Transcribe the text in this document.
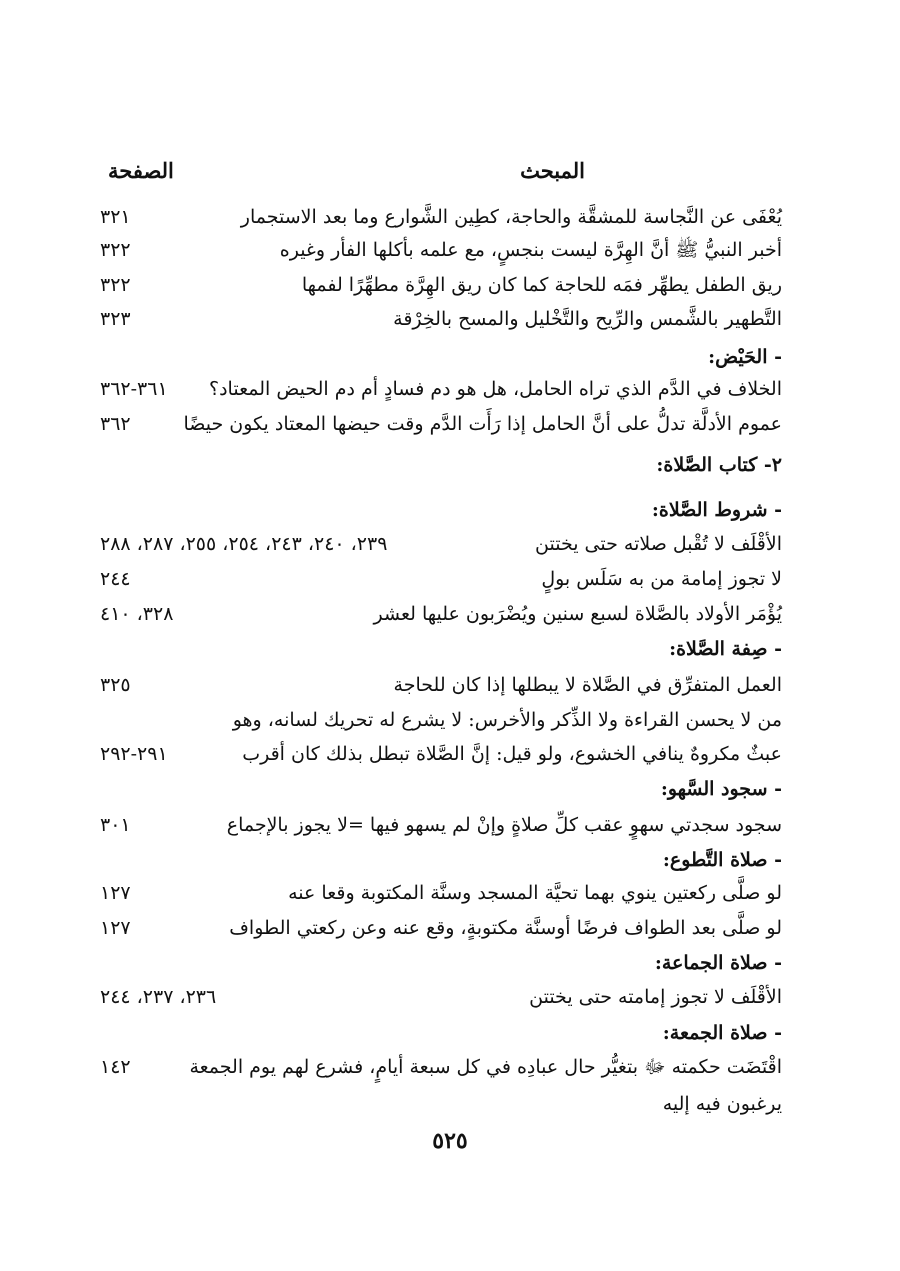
المبحث
الصفحة
يُعْفَى عن النَّجاسة للمشقَّة والحاجة، كطِين الشَّوارع وما بعد الاستجمار
٣٢١
أخبر النبيُّ ﷺ أنَّ الهِرَّة ليست بنجسٍ، مع علمه بأكلها الفأر وغيره
٣٢٢
ريق الطفل يطهِّر فمَه للحاجة كما كان ريق الهِرَّة مطهِّرًا لفمها
٣٢٢
التَّطهير بالشَّمس والرِّيح والتَّخْليل والمسح بالخِرْقة
٣٢٣
- الحَيْض:
الخلاف في الدَّم الذي تراه الحامل، هل هو دم فسادٍ أم دم الحيض المعتاد؟
٣٦١-٣٦٢
عموم الأدلَّة تدلُّ على أنَّ الحامل إذا رَأَت الدَّم وقت حيضها المعتاد يكون حيضًا
٣٦٢
٢- كتاب الصَّلاة:
- شروط الصَّلاة:
الأقْلَف لا تُقْبل صلاته حتى يختتن
٢٣٩، ٢٤٠، ٢٤٣، ٢٥٤، ٢٥٥، ٢٨٧، ٢٨٨
لا تجوز إمامة من به سَلَس بولٍ
٢٤٤
يُؤْمَر الأولاد بالصَّلاة لسبع سنين ويُضْرَبون عليها لعشر
٣٢٨، ٤١٠
- صِفة الصَّلاة:
العمل المتفرِّق في الصَّلاة لا يبطلها إذا كان للحاجة
٣٢٥
من لا يحسن القراءة ولا الذِّكر والأخرس: لا يشرع له تحريك لسانه، وهو
عبثٌ مكروهٌ ينافي الخشوع، ولو قيل: إنَّ الصَّلاة تبطل بذلك كان أقرب
٢٩١-٢٩٢
- سجود السَّهو:
سجود سجدتي سهوٍ عقب كلِّ صلاةٍ وإنْ لم يسهو فيها =لا يجوز بالإجماع
٣٠١
- صلاة التَّطوع:
لو صلَّى ركعتين ينوي بهما تحيَّة المسجد وسنَّة المكتوبة وقعا عنه
١٢٧
لو صلَّى بعد الطواف فرضًا أوسنَّة مكتوبةٍ، وقع عنه وعن ركعتي الطواف
١٢٧
- صلاة الجماعة:
الأقْلَف لا تجوز إمامته حتى يختتن
٢٣٦، ٢٣٧، ٢٤٤
- صلاة الجمعة:
اقْتَضَت حكمته ﷻ بتغيُّر حال عبادِه في كل سبعة أيامٍ، فشرع لهم يوم الجمعة
١٤٢
يرغبون فيه إليه
٥٢٥
